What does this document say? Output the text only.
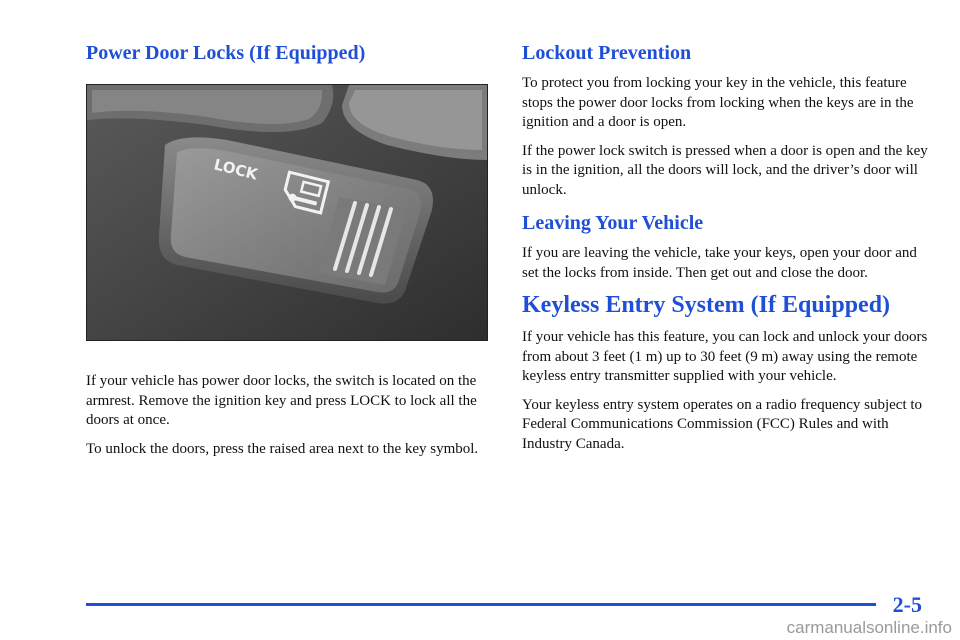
Power Door Locks (If Equipped)
LOCK

If your vehicle has power door locks, the switch is located on the armrest. Remove the ignition key and press LOCK to lock all the doors at once.

To unlock the doors, press the raised area next to the key symbol.

Lockout Prevention

To protect you from locking your key in the vehicle, this feature stops the power door locks from locking when the keys are in the ignition and a door is open.

If the power lock switch is pressed when a door is open and the key is in the ignition, all the doors will lock, and the driver’s door will unlock.

Leaving Your Vehicle

If you are leaving the vehicle, take your keys, open your door and set the locks from inside. Then get out and close the door.

Keyless Entry System (If Equipped)

If your vehicle has this feature, you can lock and unlock your doors from about 3 feet (1 m) up to 30 feet (9 m) away using the remote keyless entry transmitter supplied with your vehicle.

Your keyless entry system operates on a radio frequency subject to Federal Communications Commission (FCC) Rules and with Industry Canada.

2-5
carmanualsonline.info
